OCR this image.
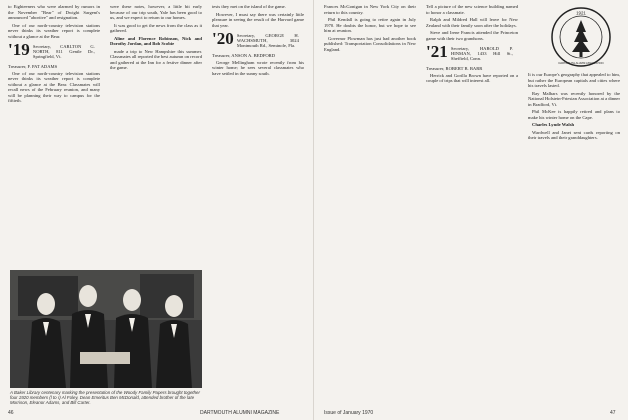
to Eighteeners who were alarmed by rumors in the November "Bear" of Dwight Sargent's announced "abortive" and resignation.

One of our north-country television stations never thinks its weather report is complete without a glance at the Bear.

'19 Secretary, CARLTON G. NORTH, 811 Gentle Dr., Springfield, Vt.
Treasurer, F. PAT ADAMS

One of our north-country television stations never thinks its weather report is complete without a glance at the Bear. Classmates will recall news of the February reunion, and many will be planning their way to campus for the fiftieth.

were these notes, however, a little bit early because of our trip south, Yale has been good to us, and we expect to return to our homes.

It was good to get the news from the class as it gathered.

Aline and Florence Robinson, Nick and Dorothy Jordan, and Bob Scobie

made a trip to New Hampshire this summer. Classmates all reported the best autumn on record and gathered at the Inn for a festive dinner after the game.

tests they met on the island of the game.

However, I must say there was certainly little pleasure in seeing the result of the Harvard game that year.

'20 Secretary, GEORGE H. WACHSMUTH, 3024 Montmouth Rd., Seminole, Fla.
Treasurer, ANSON A. BEDFORD

George Mellingham wrote recently from his winter home; he sees several classmates who have settled in the sunny south.

A Baker Library centenary marking the presentation of the Woody Family Papers brought together four 1920 members (l to r) Al Foley, Dean Emeritus Ben McDonald, attended brother of the late Morrison, Eleanor Adams, and Bill Carter.
46	DARTMOUTH ALUMNI MAGAZINE

Frances McGonigan in New York City on their return to this country.

Phil Kendall is going to retire again in July 1970. He doubts the honor, but we hope to see him at reunion.

Governor Plowman has just had another book published: Transportation Consolidations in New England.

Tell a picture of the new science building named to honor a classmate.

Ralph and Mildred Hall will leave for New Zealand with their family soon after the holidays.

Steve and Irene Francis attended the Princeton game with their two grandsons.

'21 Secretary, HAROLD P. HINMAN, 1433 Hill St., Sheffield, Conn.
Treasurer, ROBERT B. BARR

Herrick and Gorilla Brown have reported on a couple of trips that will interest all.

1921
DARTMOUTH ALUMNI ASSOCIATION

It is our Europe's geography that appealed to him, but rather the European capitals and cities where his travels lasted.

Ray Malbars was recently honored by the National Holstein-Friesian Association at a dinner in Bradford, Vt.

Phil McKee is happily retired and plans to make his winter home on the Cape.

Charles Lynde Walsh

Wardwell and Janet sent cards reporting on their travels and their granddaughters.

Issue of January 1970	47
